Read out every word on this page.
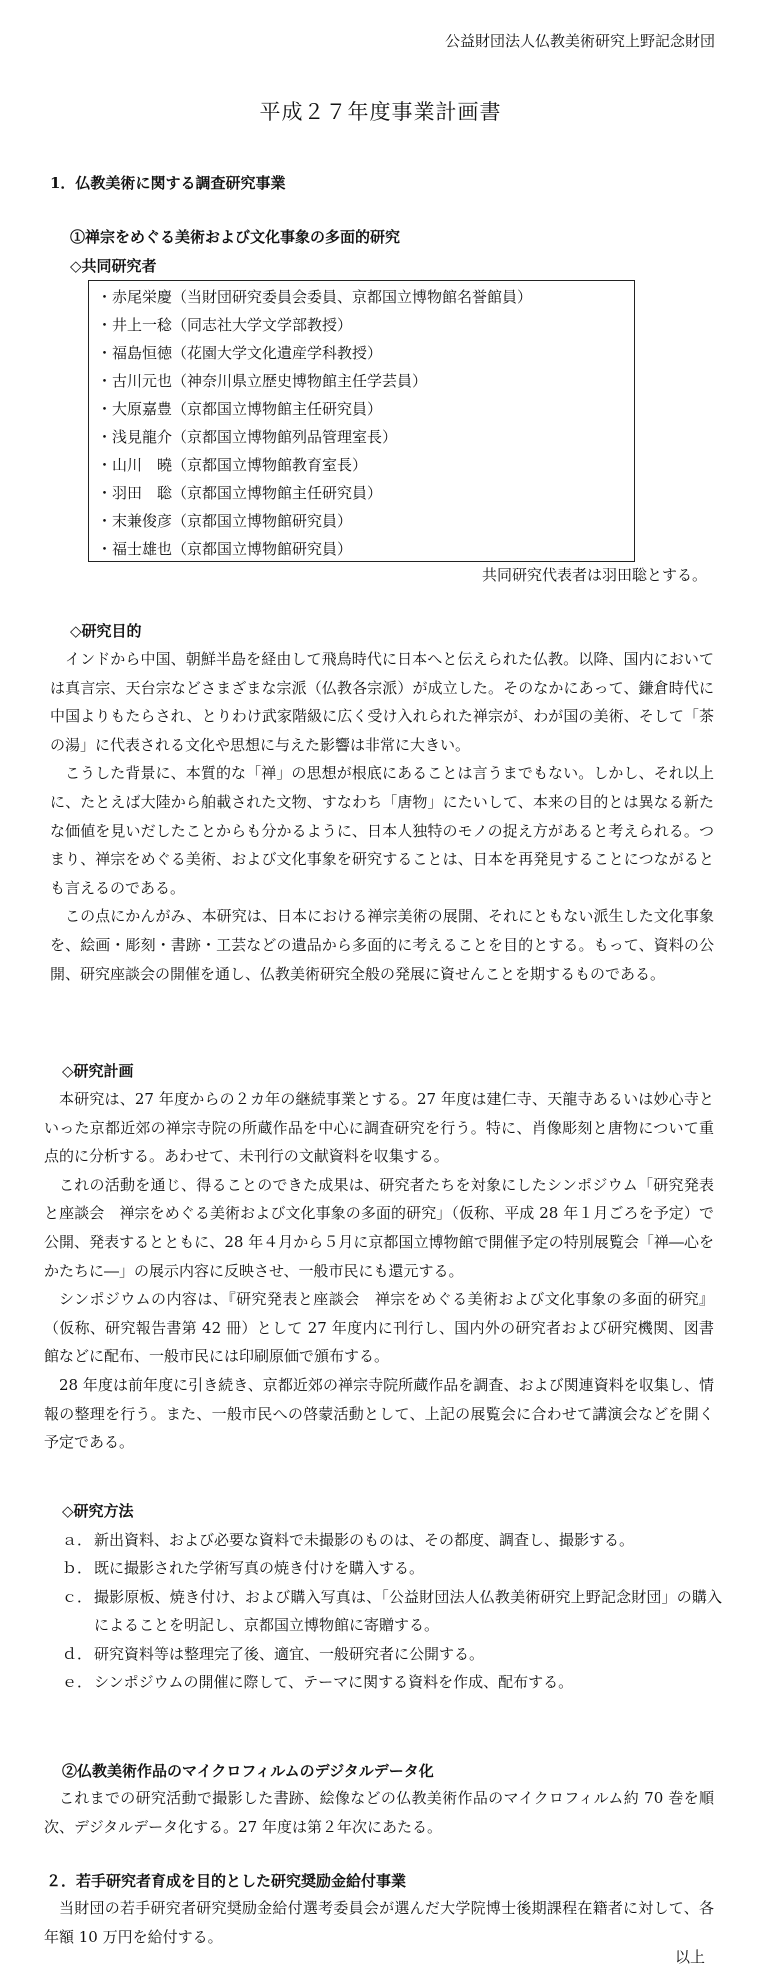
公益財団法人仏教美術研究上野記念財団
平成２７年度事業計画書
1．仏教美術に関する調査研究事業
①禅宗をめぐる美術および文化事象の多面的研究
◇共同研究者
・ 赤尾栄慶（当財団研究委員会委員、京都国立博物館名誉館員）
・ 井上一稔（同志社大学文学部教授）
・ 福島恒徳（花園大学文化遺産学科教授）
・ 古川元也（神奈川県立歴史博物館主任学芸員）
・ 大原嘉豊（京都国立博物館主任研究員）
・ 浅見龍介（京都国立博物館列品管理室長）
・ 山川　曉（京都国立博物館教育室長）
・ 羽田　聡（京都国立博物館主任研究員）
・ 末兼俊彦（京都国立博物館研究員）
・ 福士雄也（京都国立博物館研究員）
共同研究代表者は羽田聡とする。
◇研究目的

インドから中国、朝鮮半島を経由して飛鳥時代に日本へと伝えられた仏教。以降、国内においては真言宗、天台宗などさまざまな宗派（仏教各宗派）が成立した。そのなかにあって、鎌倉時代に中国よりもたらされ、とりわけ武家階級に広く受け入れられた禅宗が、わが国の美術、そして「茶の湯」に代表される文化や思想に与えた影響は非常に大きい。

こうした背景に、本質的な「禅」の思想が根底にあることは言うまでもない。しかし、それ以上に、たとえば大陸から舶載された文物、すなわち「唐物」にたいして、本来の目的とは異なる新たな価値を見いだしたことからも分かるように、日本人独特のモノの捉え方があると考えられる。つまり、禅宗をめぐる美術、および文化事象を研究することは、日本を再発見することにつながるとも言えるのである。

この点にかんがみ、本研究は、日本における禅宗美術の展開、それにともない派生した文化事象を、絵画・彫刻・書跡・工芸などの遺品から多面的に考えることを目的とする。もって、資料の公開、研究座談会の開催を通し、仏教美術研究全般の発展に資せんことを期するものである。

◇研究計画

本研究は、27 年度からの２カ年の継続事業とする。27 年度は建仁寺、天龍寺あるいは妙心寺といった京都近郊の禅宗寺院の所蔵作品を中心に調査研究を行う。特に、肖像彫刻と唐物について重点的に分析する。あわせて、未刊行の文献資料を収集する。

これの活動を通じ、得ることのできた成果は、研究者たちを対象にしたシンポジウム「研究発表と座談会　禅宗をめぐる美術および文化事象の多面的研究」（仮称、平成 28 年１月ごろを予定）で公開、発表するとともに、28 年４月から５月に京都国立博物館で開催予定の特別展覧会「禅―心をかたちに―」の展示内容に反映させ、一般市民にも還元する。

シンポジウムの内容は、『研究発表と座談会　禅宗をめぐる美術および文化事象の多面的研究』（仮称、研究報告書第 42 冊）として 27 年度内に刊行し、国内外の研究者および研究機関、図書館などに配布、一般市民には印刷原価で頒布する。

28 年度は前年度に引き続き、京都近郊の禅宗寺院所蔵作品を調査、および関連資料を収集し、情報の整理を行う。また、一般市民への啓蒙活動として、上記の展覧会に合わせて講演会などを開く予定である。

◇研究方法
ａ． 新出資料、および必要な資料で未撮影のものは、その都度、調査し、撮影する。
ｂ． 既に撮影された学術写真の焼き付けを購入する。
ｃ． 撮影原板、焼き付け、および購入写真は、「公益財団法人仏教美術研究上野記念財団」の購入によることを明記し、京都国立博物館に寄贈する。
ｄ． 研究資料等は整理完了後、適宜、一般研究者に公開する。
ｅ． シンポジウムの開催に際して、テーマに関する資料を作成、配布する。
②仏教美術作品のマイクロフィルムのデジタルデータ化

これまでの研究活動で撮影した書跡、絵像などの仏教美術作品のマイクロフィルム約 70 巻を順次、デジタルデータ化する。27 年度は第２年次にあたる。

２．若手研究者育成を目的とした研究奨励金給付事業

当財団の若手研究者研究奨励金給付選考委員会が選んだ大学院博士後期課程在籍者に対して、各年額 10 万円を給付する。

以上
